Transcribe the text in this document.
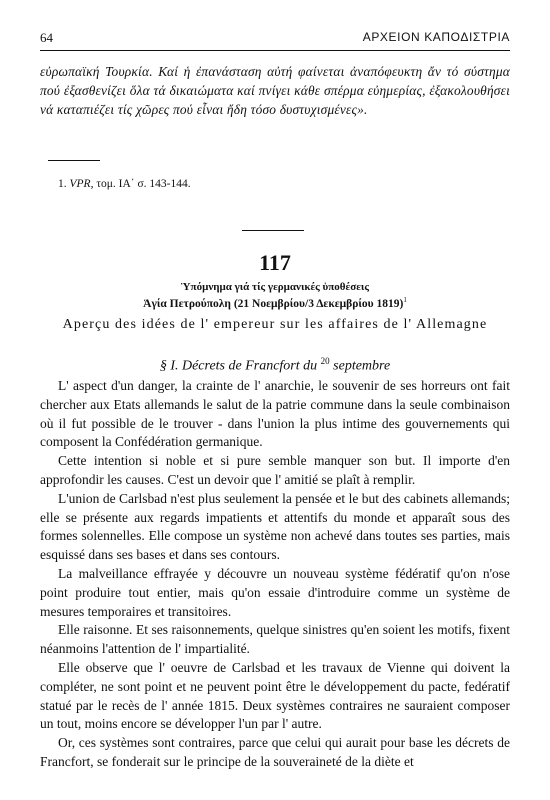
64	ΑΡΧΕΙΟΝ ΚΑΠΟΔΙΣΤΡΙΑ

εὐρωπαϊκή Τουρκία. Καί ἡ ἐπανάσταση αὐτή φαίνεται ἀναπόφευκτη ἄν τό σύστημα πού ἐξασθενίζει ὅλα τά δικαιώματα καί πνίγει κάθε σπέρμα εὐημερίας, ἐξακολουθήσει νά καταπιέζει τίς χῶρες πού εἶναι ἤδη τόσο δυστυχισμένες».

1. VPR, τομ. ΙΑ΄ σ. 143-144.
117
Ὑπόμνημα γιά τίς γερμανικές ὑποθέσεις
Ἁγία Πετρούπολη (21 Νοεμβρίου/3 Δεκεμβρίου 1819)$^1$
Aperçu des idées de l' empereur sur les affaires de l' Allemagne
§ I. Décrets de Francfort du $^{20}$ septembre

L' aspect d'un danger, la crainte de l' anarchie, le souvenir de ses horreurs ont fait chercher aux Etats allemands le salut de la patrie commune dans la seule combinaison où il fut possible de le trouver - dans l'union la plus intime des gouvernements qui composent la Confédération germanique.

Cette intention si noble et si pure semble manquer son but. Il importe d'en approfondir les causes. C'est un devoir que l' amitié se plaît à remplir.

L'union de Carlsbad n'est plus seulement la pensée et le but des cabinets allemands; elle se présente aux regards impatients et attentifs du monde et apparaît sous des formes solennelles. Elle compose un système non achevé dans toutes ses parties, mais esquissé dans ses bases et dans ses contours.

La malveillance effrayée y découvre un nouveau système fédératif qu'on n'ose point produire tout entier, mais qu'on essaie d'introduire comme un système de mesures temporaires et transitoires.

Elle raisonne. Et ses raisonnements, quelque sinistres qu'en soient les motifs, fixent néanmoins l'attention de l' impartialité.

Elle observe que l' oeuvre de Carlsbad et les travaux de Vienne qui doivent la compléter, ne sont point et ne peuvent point être le développement du pacte, fedératif statué par le recès de l' année 1815. Deux systèmes contraires ne sauraient composer un tout, moins encore se développer l'un par l' autre.

Or, ces systèmes sont contraires, parce que celui qui aurait pour base les décrets de Francfort, se fonderait sur le principe de la souveraineté de la diète et
